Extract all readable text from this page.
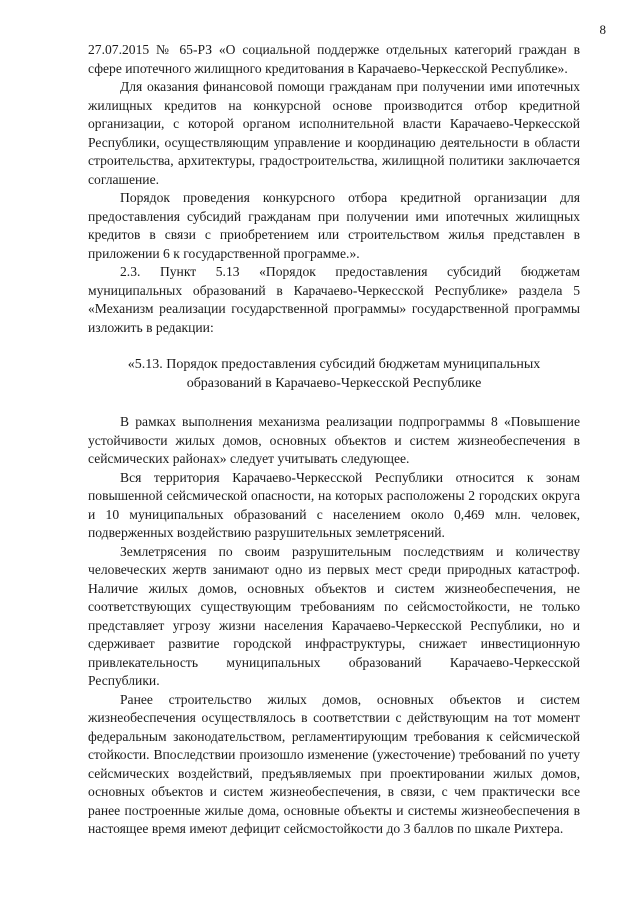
8

27.07.2015 № 65-РЗ «О социальной поддержке отдельных категорий граждан в сфере ипотечного жилищного кредитования в Карачаево-Черкесской Республике».

Для оказания финансовой помощи гражданам при получении ими ипотечных жилищных кредитов на конкурсной основе производится отбор кредитной организации, с которой органом исполнительной власти Карачаево-Черкесской Республики, осуществляющим управление и координацию деятельности в области строительства, архитектуры, градостроительства, жилищной политики заключается соглашение.

Порядок проведения конкурсного отбора кредитной организации для предоставления субсидий гражданам при получении ими ипотечных жилищных кредитов в связи с приобретением или строительством жилья представлен в приложении 6 к государственной программе.».

2.3. Пункт 5.13 «Порядок предоставления субсидий бюджетам муниципальных образований в Карачаево-Черкесской Республике» раздела 5 «Механизм реализации государственной программы» государственной программы изложить в редакции:

«5.13. Порядок предоставления субсидий бюджетам муниципальных

образований в Карачаево-Черкесской Республике

В рамках выполнения механизма реализации подпрограммы 8 «Повышение устойчивости жилых домов, основных объектов и систем жизнеобеспечения в сейсмических районах» следует учитывать следующее.

Вся территория Карачаево-Черкесской Республики относится к зонам повышенной сейсмической опасности, на которых расположены 2 городских округа и 10 муниципальных образований с населением около 0,469 млн. человек, подверженных воздействию разрушительных землетрясений.

Землетрясения по своим разрушительным последствиям и количеству человеческих жертв занимают одно из первых мест среди природных катастроф. Наличие жилых домов, основных объектов и систем жизнеобеспечения, не соответствующих существующим требованиям по сейсмостойкости, не только представляет угрозу жизни населения Карачаево-Черкесской Республики, но и сдерживает развитие городской инфраструктуры, снижает инвестиционную привлекательность муниципальных образований Карачаево-Черкесской Республики.

Ранее строительство жилых домов, основных объектов и систем жизнеобеспечения осуществлялось в соответствии с действующим на тот момент федеральным законодательством, регламентирующим требования к сейсмической стойкости. Впоследствии произошло изменение (ужесточение) требований по учету сейсмических воздействий, предъявляемых при проектировании жилых домов, основных объектов и систем жизнеобеспечения, в связи, с чем практически все ранее построенные жилые дома, основные объекты и системы жизнеобеспечения в настоящее время имеют дефицит сейсмостойкости до 3 баллов по шкале Рихтера.
